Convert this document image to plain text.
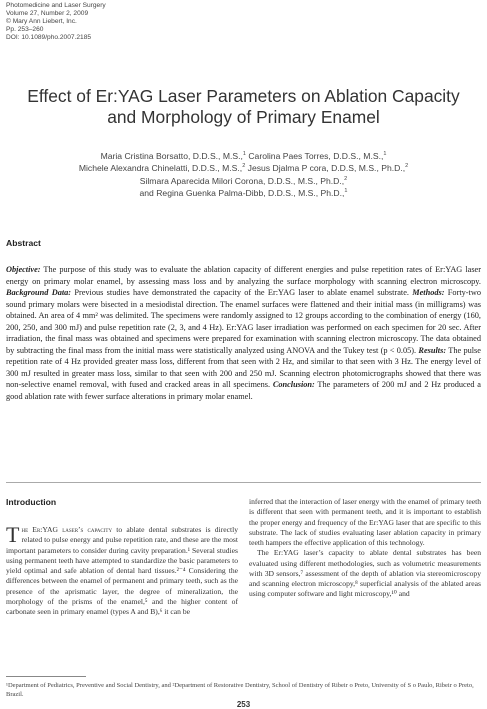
Photomedicine and Laser Surgery
Volume 27, Number 2, 2009
© Mary Ann Liebert, Inc.
Pp. 253–260
DOI: 10.1089/pho.2007.2185
Effect of Er:YAG Laser Parameters on Ablation Capacity
and Morphology of Primary Enamel
Maria Cristina Borsatto, D.D.S., M.S.,$^1$ Carolina Paes Torres, D.D.S., M.S.,$^1$
Michele Alexandra Chinelatti, D.D.S., M.S.,$^2$ Jesus Djalma P cora, D.D.S, M.S., Ph.D.,$^2$
Silmara Aparecida Milori Corona, D.D.S., M.S., Ph.D.,$^2$
and Regina Guenka Palma-Dibb, D.D.S., M.S., Ph.D.,$^1$
Abstract
Objective: The purpose of this study was to evaluate the ablation capacity of different energies and pulse repetition rates of Er:YAG laser energy on primary molar enamel, by assessing mass loss and by analyzing the surface morphology with scanning electron microscopy. Background Data: Previous studies have demonstrated the capacity of the Er:YAG laser to ablate enamel substrate. Methods: Forty-two sound primary molars were bisected in a mesiodistal direction. The enamel surfaces were flattened and their initial mass (in milligrams) was obtained. An area of 4 mm² was delimited. The specimens were randomly assigned to 12 groups according to the combination of energy (160, 200, 250, and 300 mJ) and pulse repetition rate (2, 3, and 4 Hz). Er:YAG laser irradiation was performed on each specimen for 20 sec. After irradiation, the final mass was obtained and specimens were prepared for examination with scanning electron microscopy. The data obtained by subtracting the final mass from the initial mass were statistically analyzed using ANOVA and the Tukey test (p < 0.05). Results: The pulse repetition rate of 4 Hz provided greater mass loss, different from that seen with 2 Hz, and similar to that seen with 3 Hz. The energy level of 300 mJ resulted in greater mass loss, similar to that seen with 200 and 250 mJ. Scanning electron photomicrographs showed that there was non-selective enamel removal, with fused and cracked areas in all specimens. Conclusion: The parameters of 200 mJ and 2 Hz produced a good ablation rate with fewer surface alterations in primary molar enamel.
Introduction
The Er:YAG laser’s capacity to ablate dental substrates is directly related to pulse energy and pulse repetition rate, and these are the most important parameters to consider during cavity preparation.¹ Several studies using permanent teeth have attempted to standardize the basic parameters to yield optimal and safe ablation of dental hard tissues.²⁻⁴ Considering the differences between the enamel of permanent and primary teeth, such as the presence of the aprismatic layer, the degree of mineralization, the morphology of the prisms of the enamel,⁵ and the higher content of carbonate seen in primary enamel (types A and B),⁶ it can be
inferred that the interaction of laser energy with the enamel of primary teeth is different that seen with permanent teeth, and it is important to establish the proper energy and frequency of the Er:YAG laser that are specific to this substrate. The lack of studies evaluating laser ablation capacity in primary teeth hampers the effective application of this technology.
The Er:YAG laser’s capacity to ablate dental substrates has been evaluated using different methodologies, such as volumetric measurements with 3D sensors,⁷ assessment of the depth of ablation via stereomicroscopy and scanning electron microscopy,⁸ superficial analysis of the ablated areas using computer software and light microscopy,¹⁰ and
¹Department of Pediatrics, Preventive and Social Dentistry, and ²Department of Restorative Dentistry, School of Dentistry of Ribeir o Preto, University of S o Paulo, Ribeir o Preto, Brazil.
253
